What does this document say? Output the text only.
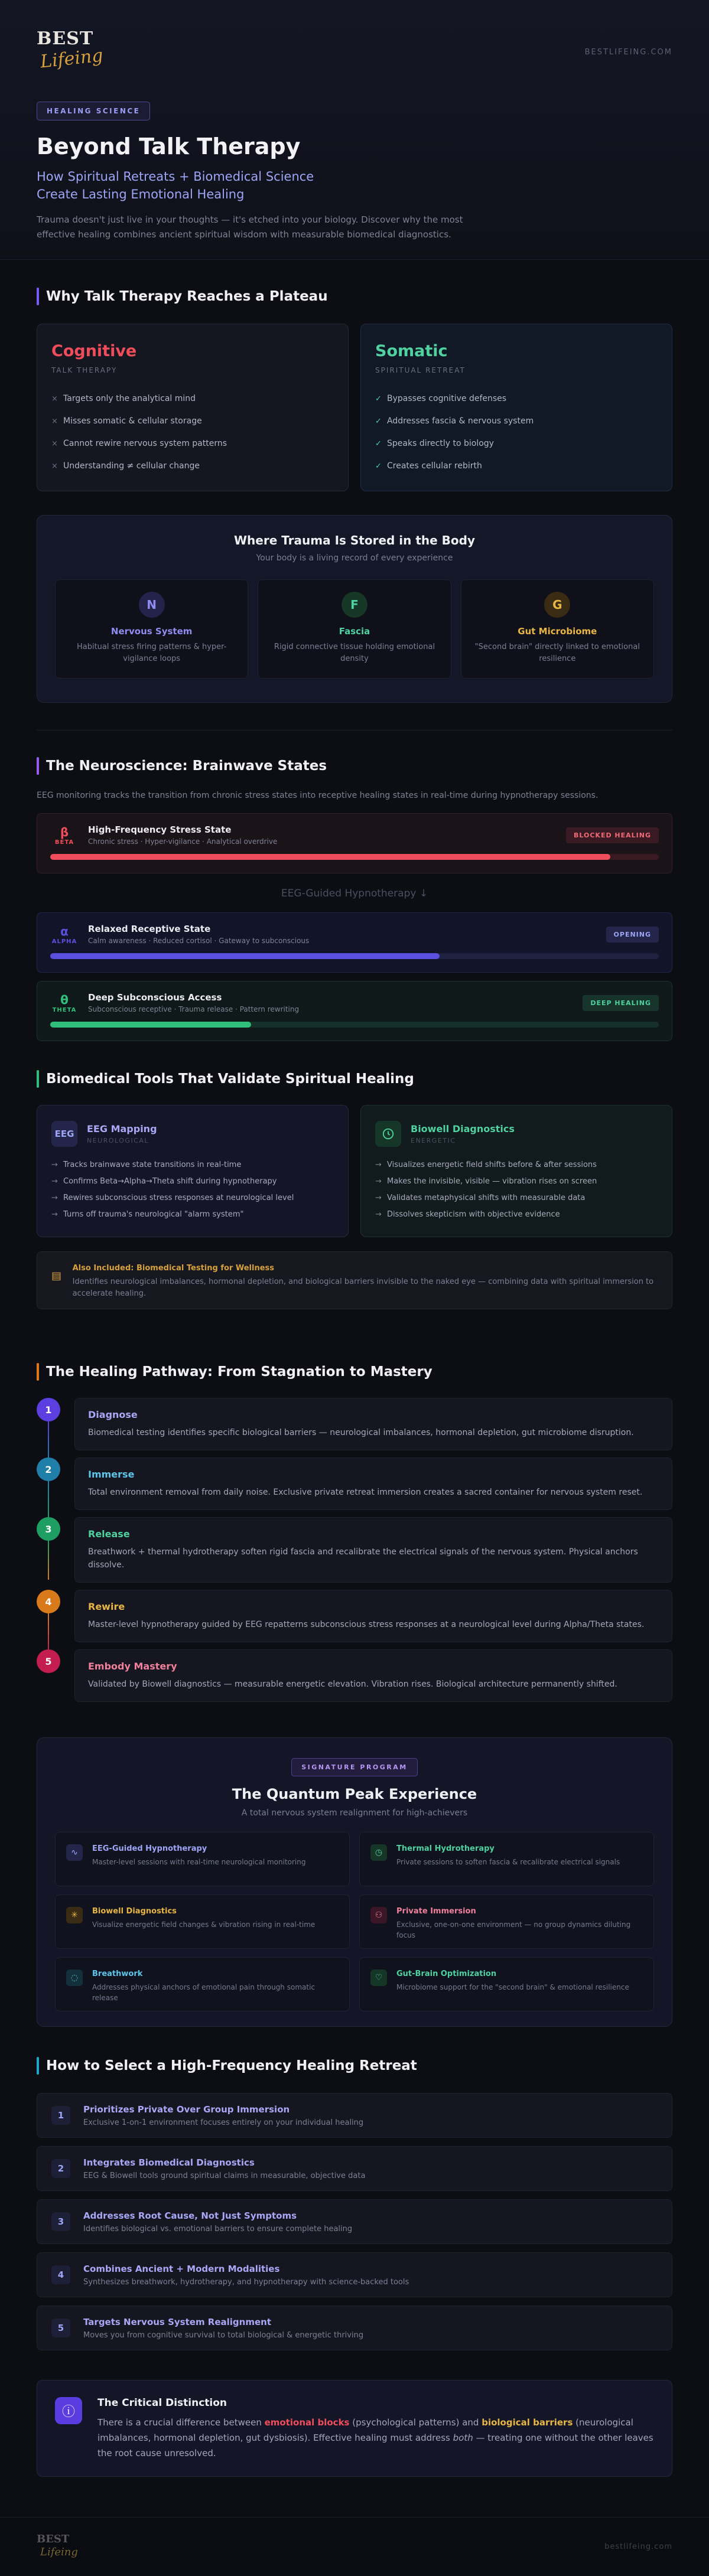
BEST
Lifeing	BESTLIFEING.COM
HEALING SCIENCE
Beyond Talk Therapy
How Spiritual Retreats + Biomedical Science
Create Lasting Emotional Healing

Trauma doesn't just live in your thoughts — it's etched into your biology. Discover why the most effective healing combines ancient spiritual wisdom with measurable biomedical diagnostics.

Why Talk Therapy Reaches a Plateau
Cognitive
TALK THERAPY
× Targets only the analytical mind
× Misses somatic & cellular storage
× Cannot rewire nervous system patterns
× Understanding ≠ cellular change
Somatic
SPIRITUAL RETREAT
✓ Bypasses cognitive defenses
✓ Addresses fascia & nervous system
✓ Speaks directly to biology
✓ Creates cellular rebirth
Where Trauma Is Stored in the Body
Your body is a living record of every experience
N
Nervous System
Habitual stress firing patterns & hyper-vigilance loops
F
Fascia
Rigid connective tissue holding emotional density
G
Gut Microbiome
"Second brain" directly linked to emotional resilience
The Neuroscience: Brainwave States

EEG monitoring tracks the transition from chronic stress states into receptive healing states in real-time during hypnotherapy sessions.

β
BETA
High-Frequency Stress State
Chronic stress · Hyper-vigilance · Analytical overdrive
BLOCKED HEALING
EEG-Guided Hypnotherapy ↓
α
ALPHA
Relaxed Receptive State
Calm awareness · Reduced cortisol · Gateway to subconscious
OPENING
θ
THETA
Deep Subconscious Access
Subconscious receptive · Trauma release · Pattern rewriting
DEEP HEALING
Biomedical Tools That Validate Spiritual Healing
EEG	EEG Mapping
NEUROLOGICAL
→ Tracks brainwave state transitions in real-time
→ Confirms Beta→Alpha→Theta shift during hypnotherapy
→ Rewires subconscious stress responses at neurological level
→ Turns off trauma's neurological "alarm system"
Biowell Diagnostics
ENERGETIC
→ Visualizes energetic field shifts before & after sessions
→ Makes the invisible, visible — vibration rises on screen
→ Validates metaphysical shifts with measurable data
→ Dissolves skepticism with objective evidence
▤
Also Included: Biomedical Testing for Wellness
Identifies neurological imbalances, hormonal depletion, and biological barriers invisible to the naked eye — combining data with spiritual immersion to accelerate healing.
The Healing Pathway: From Stagnation to Mastery
1	Diagnose
Biomedical testing identifies specific biological barriers — neurological imbalances, hormonal depletion, gut microbiome disruption.
2	Immerse
Total environment removal from daily noise. Exclusive private retreat immersion creates a sacred container for nervous system reset.
3	Release
Breathwork + thermal hydrotherapy soften rigid fascia and recalibrate the electrical signals of the nervous system. Physical anchors dissolve.
4	Rewire
Master-level hypnotherapy guided by EEG repatterns subconscious stress responses at a neurological level during Alpha/Theta states.
5	Embody Mastery
Validated by Biowell diagnostics — measurable energetic elevation. Vibration rises. Biological architecture permanently shifted.
SIGNATURE PROGRAM
The Quantum Peak Experience
A total nervous system realignment for high-achievers
∿	EEG-Guided Hypnotherapy
Master-level sessions with real-time neurological monitoring
◷	Thermal Hydrotherapy
Private sessions to soften fascia & recalibrate electrical signals
✳	Biowell Diagnostics
Visualize energetic field changes & vibration rising in real-time
⚇	Private Immersion
Exclusive, one-on-one environment — no group dynamics diluting focus
◌	Breathwork
Addresses physical anchors of emotional pain through somatic release
♡	Gut-Brain Optimization
Microbiome support for the "second brain" & emotional resilience
How to Select a High-Frequency Healing Retreat
1
Prioritizes Private Over Group Immersion
Exclusive 1-on-1 environment focuses entirely on your individual healing
2
Integrates Biomedical Diagnostics
EEG & Biowell tools ground spiritual claims in measurable, objective data
3
Addresses Root Cause, Not Just Symptoms
Identifies biological vs. emotional barriers to ensure complete healing
4
Combines Ancient + Modern Modalities
Synthesizes breathwork, hydrotherapy, and hypnotherapy with science-backed tools
5
Targets Nervous System Realignment
Moves you from cognitive survival to total biological & energetic thriving
ⓘ
The Critical Distinction

There is a crucial difference between emotional blocks (psychological patterns) and biological barriers (neurological imbalances, hormonal depletion, gut dysbiosis). Effective healing must address both — treating one without the other leaves the root cause unresolved.

BEST
Lifeing	bestlifeing.com
